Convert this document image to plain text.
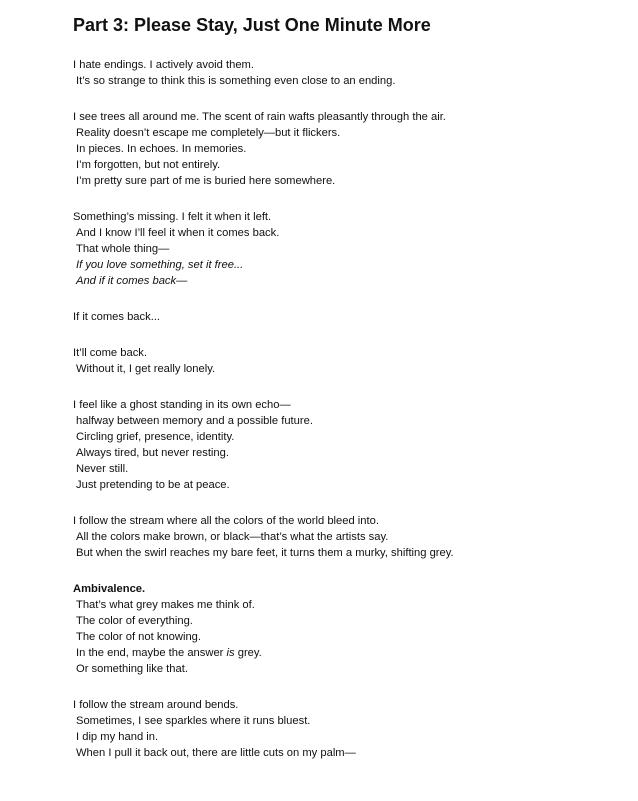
Part 3: Please Stay, Just One Minute More

I hate endings. I actively avoid them.
It’s so strange to think this is something even close to an ending.

I see trees all around me. The scent of rain wafts pleasantly through the air.
Reality doesn’t escape me completely—but it flickers.
In pieces. In echoes. In memories.
I’m forgotten, but not entirely.
I’m pretty sure part of me is buried here somewhere.

Something’s missing. I felt it when it left.
And I know I’ll feel it when it comes back.
That whole thing—
If you love something, set it free...
And if it comes back—

If it comes back...

It’ll come back.
Without it, I get really lonely.

I feel like a ghost standing in its own echo—
halfway between memory and a possible future.
Circling grief, presence, identity.
Always tired, but never resting.
Never still.
Just pretending to be at peace.

I follow the stream where all the colors of the world bleed into.
All the colors make brown, or black—that’s what the artists say.
But when the swirl reaches my bare feet, it turns them a murky, shifting grey.

Ambivalence.
That’s what grey makes me think of.
The color of everything.
The color of not knowing.
In the end, maybe the answer is grey.
Or something like that.

I follow the stream around bends.
Sometimes, I see sparkles where it runs bluest.
I dip my hand in.
When I pull it back out, there are little cuts on my palm—
